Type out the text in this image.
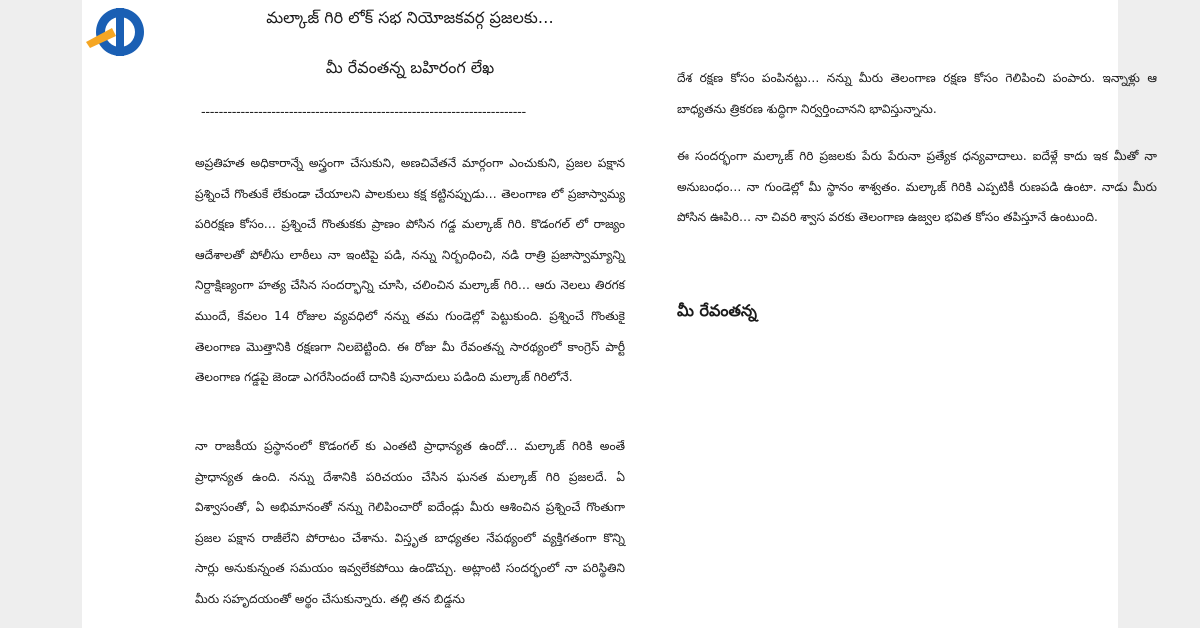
మల్కాజ్ గిరి లోక్ సభ నియోజకవర్గ ప్రజలకు…

మీ రేవంతన్న బహిరంగ లేఖ

--------------------------------------------------------------------------

అప్రతిహత అధికారాన్నే అస్త్రంగా చేసుకుని, అణచివేతనే మార్గంగా ఎంచుకుని, ప్రజల పక్షాన ప్రశ్నించే గొంతుకే లేకుండా చేయాలని పాలకులు కక్ష కట్టినప్పుడు… తెలంగాణ లో ప్రజాస్వామ్య పరిరక్షణ కోసం… ప్రశ్నించే గొంతుకకు ప్రాణం పోసిన గడ్డ మల్కాజ్ గిరి. కొడంగల్ లో రాజ్యం ఆదేశాలతో పోలీసు లాఠీలు నా ఇంటిపై పడి, నన్ను నిర్బంధించి, నడి రాత్రి ప్రజాస్వామ్యాన్ని నిర్దాక్షిణ్యంగా హత్య చేసిన సందర్భాన్ని చూసి, చలించిన మల్కాజ్ గిరి… ఆరు నెలలు తిరగక ముందే, కేవలం 14 రోజుల వ్యవధిలో నన్ను తమ గుండెల్లో పెట్టుకుంది. ప్రశ్నించే గొంతుకై తెలంగాణ మొత్తానికి రక్షణగా నిలబెట్టింది. ఈ రోజు మీ రేవంతన్న సారథ్యంలో కాంగ్రెస్ పార్టీ తెలంగాణ గడ్డపై జెండా ఎగరేసిందంటే దానికి పునాదులు పడింది మల్కాజ్ గిరిలోనే.

నా రాజకీయ ప్రస్థానంలో కొడంగల్ కు ఎంతటి ప్రాధాన్యత ఉందో… మల్కాజ్ గిరికి అంతే ప్రాధాన్యత ఉంది. నన్ను దేశానికి పరిచయం చేసిన ఘనత మల్కాజ్ గిరి ప్రజలదే. ఏ విశ్వాసంతో, ఏ అభిమానంతో నన్ను గెలిపించారో ఐదేండ్లు మీరు ఆశించిన ప్రశ్నించే గొంతుగా ప్రజల పక్షాన రాజీలేని పోరాటం చేశాను. విస్తృత బాధ్యతల నేపథ్యంలో వ్యక్తిగతంగా కొన్ని సార్లు అనుకున్నంత సమయం ఇవ్వలేకపోయి ఉండొచ్చు. అట్లాంటి సందర్భంలో నా పరిస్థితిని మీరు సహృదయంతో అర్థం చేసుకున్నారు. తల్లి తన బిడ్డను

దేశ రక్షణ కోసం పంపినట్టు… నన్ను మీరు తెలంగాణ రక్షణ కోసం గెలిపించి పంపారు. ఇన్నాళ్లు ఆ బాధ్యతను త్రికరణ శుద్ధిగా నిర్వర్తించానని భావిస్తున్నాను.

ఈ సందర్భంగా మల్కాజ్ గిరి ప్రజలకు పేరు పేరునా ప్రత్యేక ధన్యవాదాలు. ఐదేళ్లే కాదు ఇక మీతో నా అనుబంధం… నా గుండెల్లో మీ స్థానం శాశ్వతం. మల్కాజ్ గిరికి ఎప్పటికీ రుణపడి ఉంటా. నాడు మీరు పోసిన ఊపిరి… నా చివరి శ్వాస వరకు తెలంగాణ ఉజ్వల భవిత కోసం తపిస్తూనే ఉంటుంది.

మీ రేవంతన్న
